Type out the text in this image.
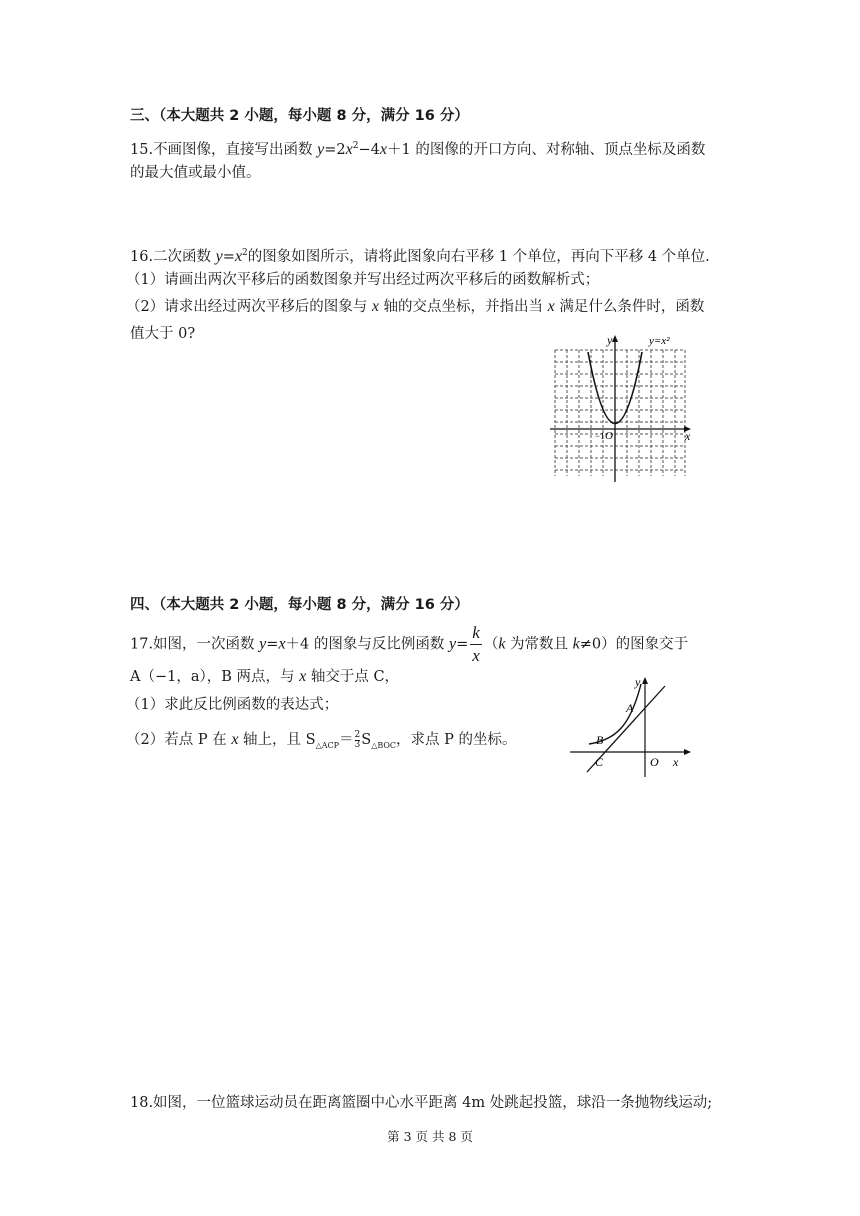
三、（本大题共 2 小题，每小题 8 分，满分 16 分）
15.不画图像，直接写出函数 $y=2x^2-4x+1$ 的图像的开口方向、对称轴、顶点坐标及函数
的最大值或最小值。
16.二次函数 $y=x^2$的图象如图所示，请将此图象向右平移 1 个单位，再向下平移 4 个单位.
（1）请画出两次平移后的函数图象并写出经过两次平移后的函数解析式；
（2）请求出经过两次平移后的图象与 x 轴的交点坐标，并指出当 x 满足什么条件时，函数
值大于 0?	y
x
O
−1
y=x²
四、（本大题共 2 小题，每小题 8 分，满分 16 分）
17.如图，一次函数 y=x＋4 的图象与反比例函数 $y= \frac{k}{x} (k$ 为常数且 k≠0）的图象交于
A（−1，a），B 两点，与 x 轴交于点 C，
（1）求此反比例函数的表达式；
（2）若点 P 在 x 轴上，且 $S_{\triangle ACP}= \frac{2}{3}S_{\triangle BOC}$，求点 P 的坐标。
y
x
O
A
B
C
18.如图，一位篮球运动员在距离篮圈中心水平距离 4m 处跳起投篮，球沿一条抛物线运动;
第 3 页 共 8 页
